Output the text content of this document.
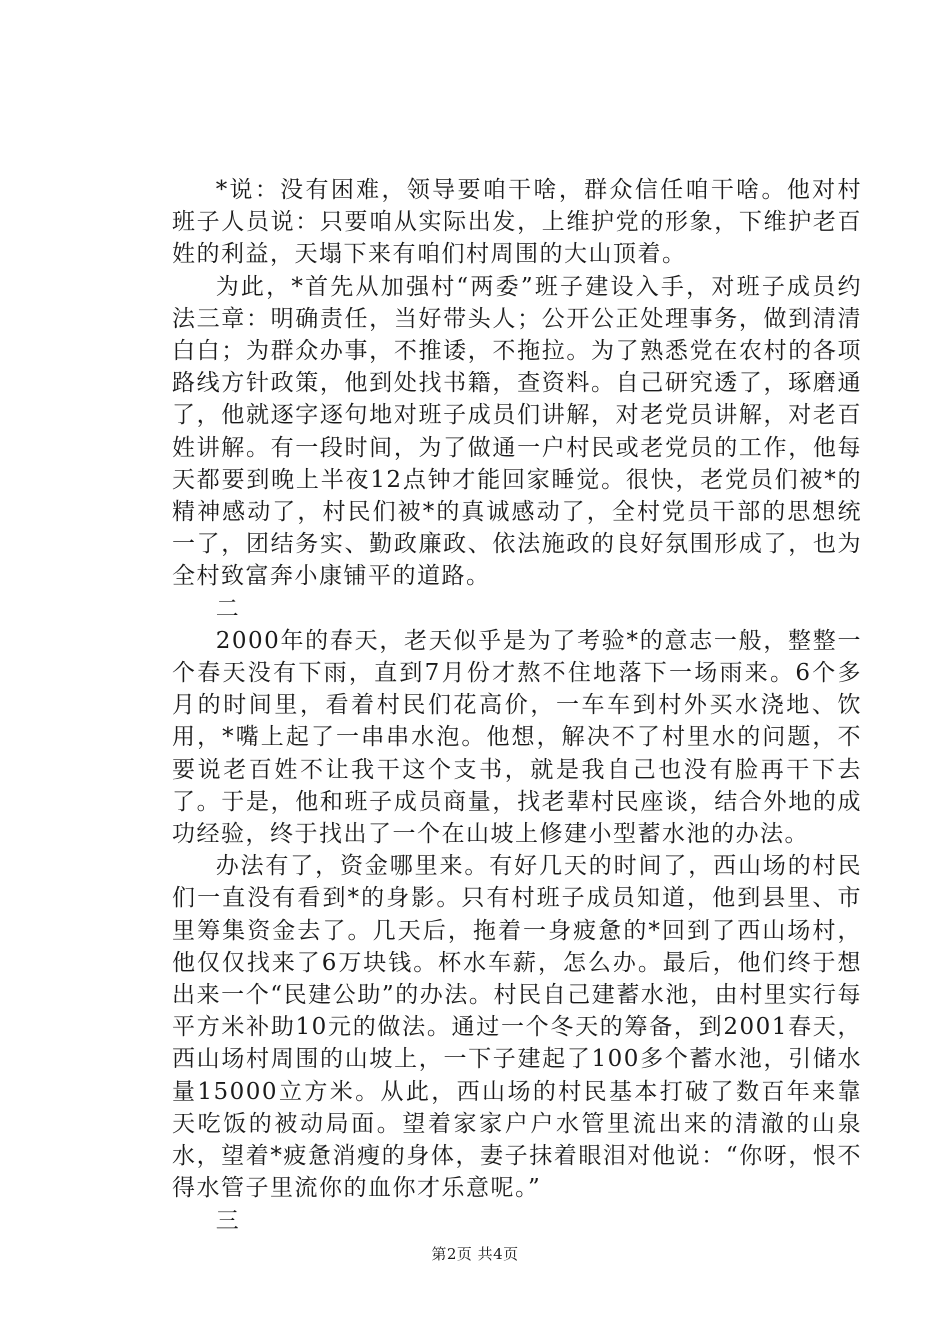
*说：没有困难，领导要咱干啥，群众信任咱干啥。他对村班子人员说：只要咱从实际出发，上维护党的形象，下维护老百姓的利益，天塌下来有咱们村周围的大山顶着。

为此，*首先从加强村“两委”班子建设入手，对班子成员约法三章：明确责任，当好带头人；公开公正处理事务，做到清清白白；为群众办事，不推诿，不拖拉。为了熟悉党在农村的各项路线方针政策，他到处找书籍，查资料。自己研究透了，琢磨通了，他就逐字逐句地对班子成员们讲解，对老党员讲解，对老百姓讲解。有一段时间，为了做通一户村民或老党员的工作，他每天都要到晚上半夜12点钟才能回家睡觉。很快，老党员们被*的精神感动了，村民们被*的真诚感动了，全村党员干部的思想统一了，团结务实、勤政廉政、依法施政的良好氛围形成了，也为全村致富奔小康铺平的道路。

二

2000年的春天，老天似乎是为了考验*的意志一般，整整一个春天没有下雨，直到7月份才熬不住地落下一场雨来。6个多月的时间里，看着村民们花高价，一车车到村外买水浇地、饮用，*嘴上起了一串串水泡。他想，解决不了村里水的问题，不要说老百姓不让我干这个支书，就是我自己也没有脸再干下去了。于是，他和班子成员商量，找老辈村民座谈，结合外地的成功经验，终于找出了一个在山坡上修建小型蓄水池的办法。

办法有了，资金哪里来。有好几天的时间了，西山场的村民们一直没有看到*的身影。只有村班子成员知道，他到县里、市里筹集资金去了。几天后，拖着一身疲惫的*回到了西山场村，他仅仅找来了6万块钱。杯水车薪，怎么办。最后，他们终于想出来一个“民建公助”的办法。村民自己建蓄水池，由村里实行每平方米补助10元的做法。通过一个冬天的筹备，到2001春天，西山场村周围的山坡上，一下子建起了100多个蓄水池，引储水量15000立方米。从此，西山场的村民基本打破了数百年来靠天吃饭的被动局面。望着家家户户水管里流出来的清澈的山泉水，望着*疲惫消瘦的身体，妻子抹着眼泪对他说：“你呀，恨不得水管子里流你的血你才乐意呢。”

三

第2页 共4页
